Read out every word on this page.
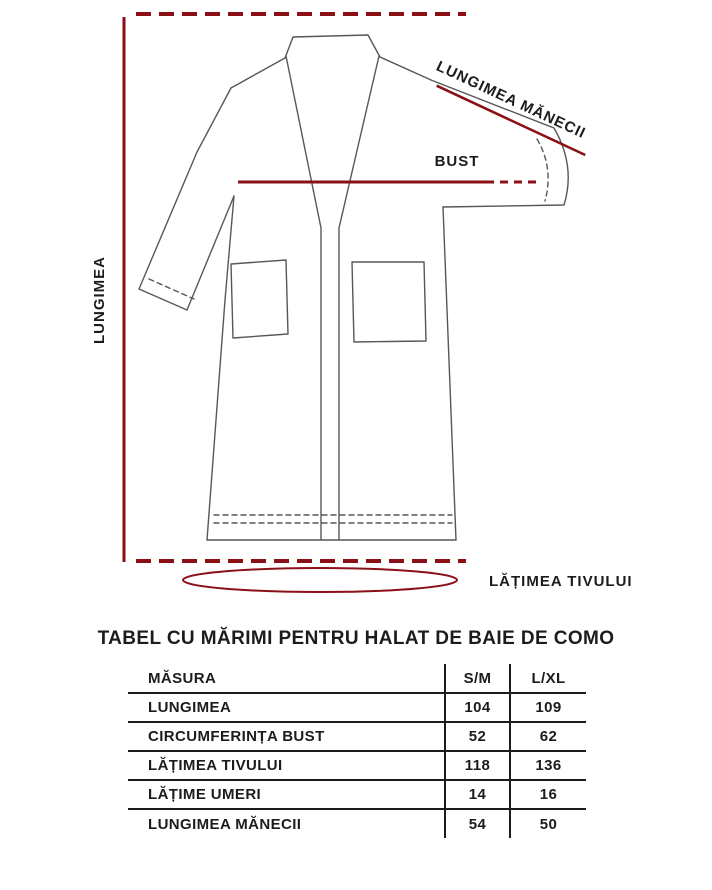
LUNGIMEA
BUST
LUNGIMEA MĂNECII
LĂȚIMEA TIVULUI
TABEL CU MĂRIMI PENTRU HALAT DE BAIE DE COMO
MĂSURA	S/M	L/XL
LUNGIMEA	104	109
CIRCUMFERINȚA BUST	52	62
LĂȚIMEA TIVULUI	118	136
LĂȚIME UMERI	14	16
LUNGIMEA MĂNECII	54	50
